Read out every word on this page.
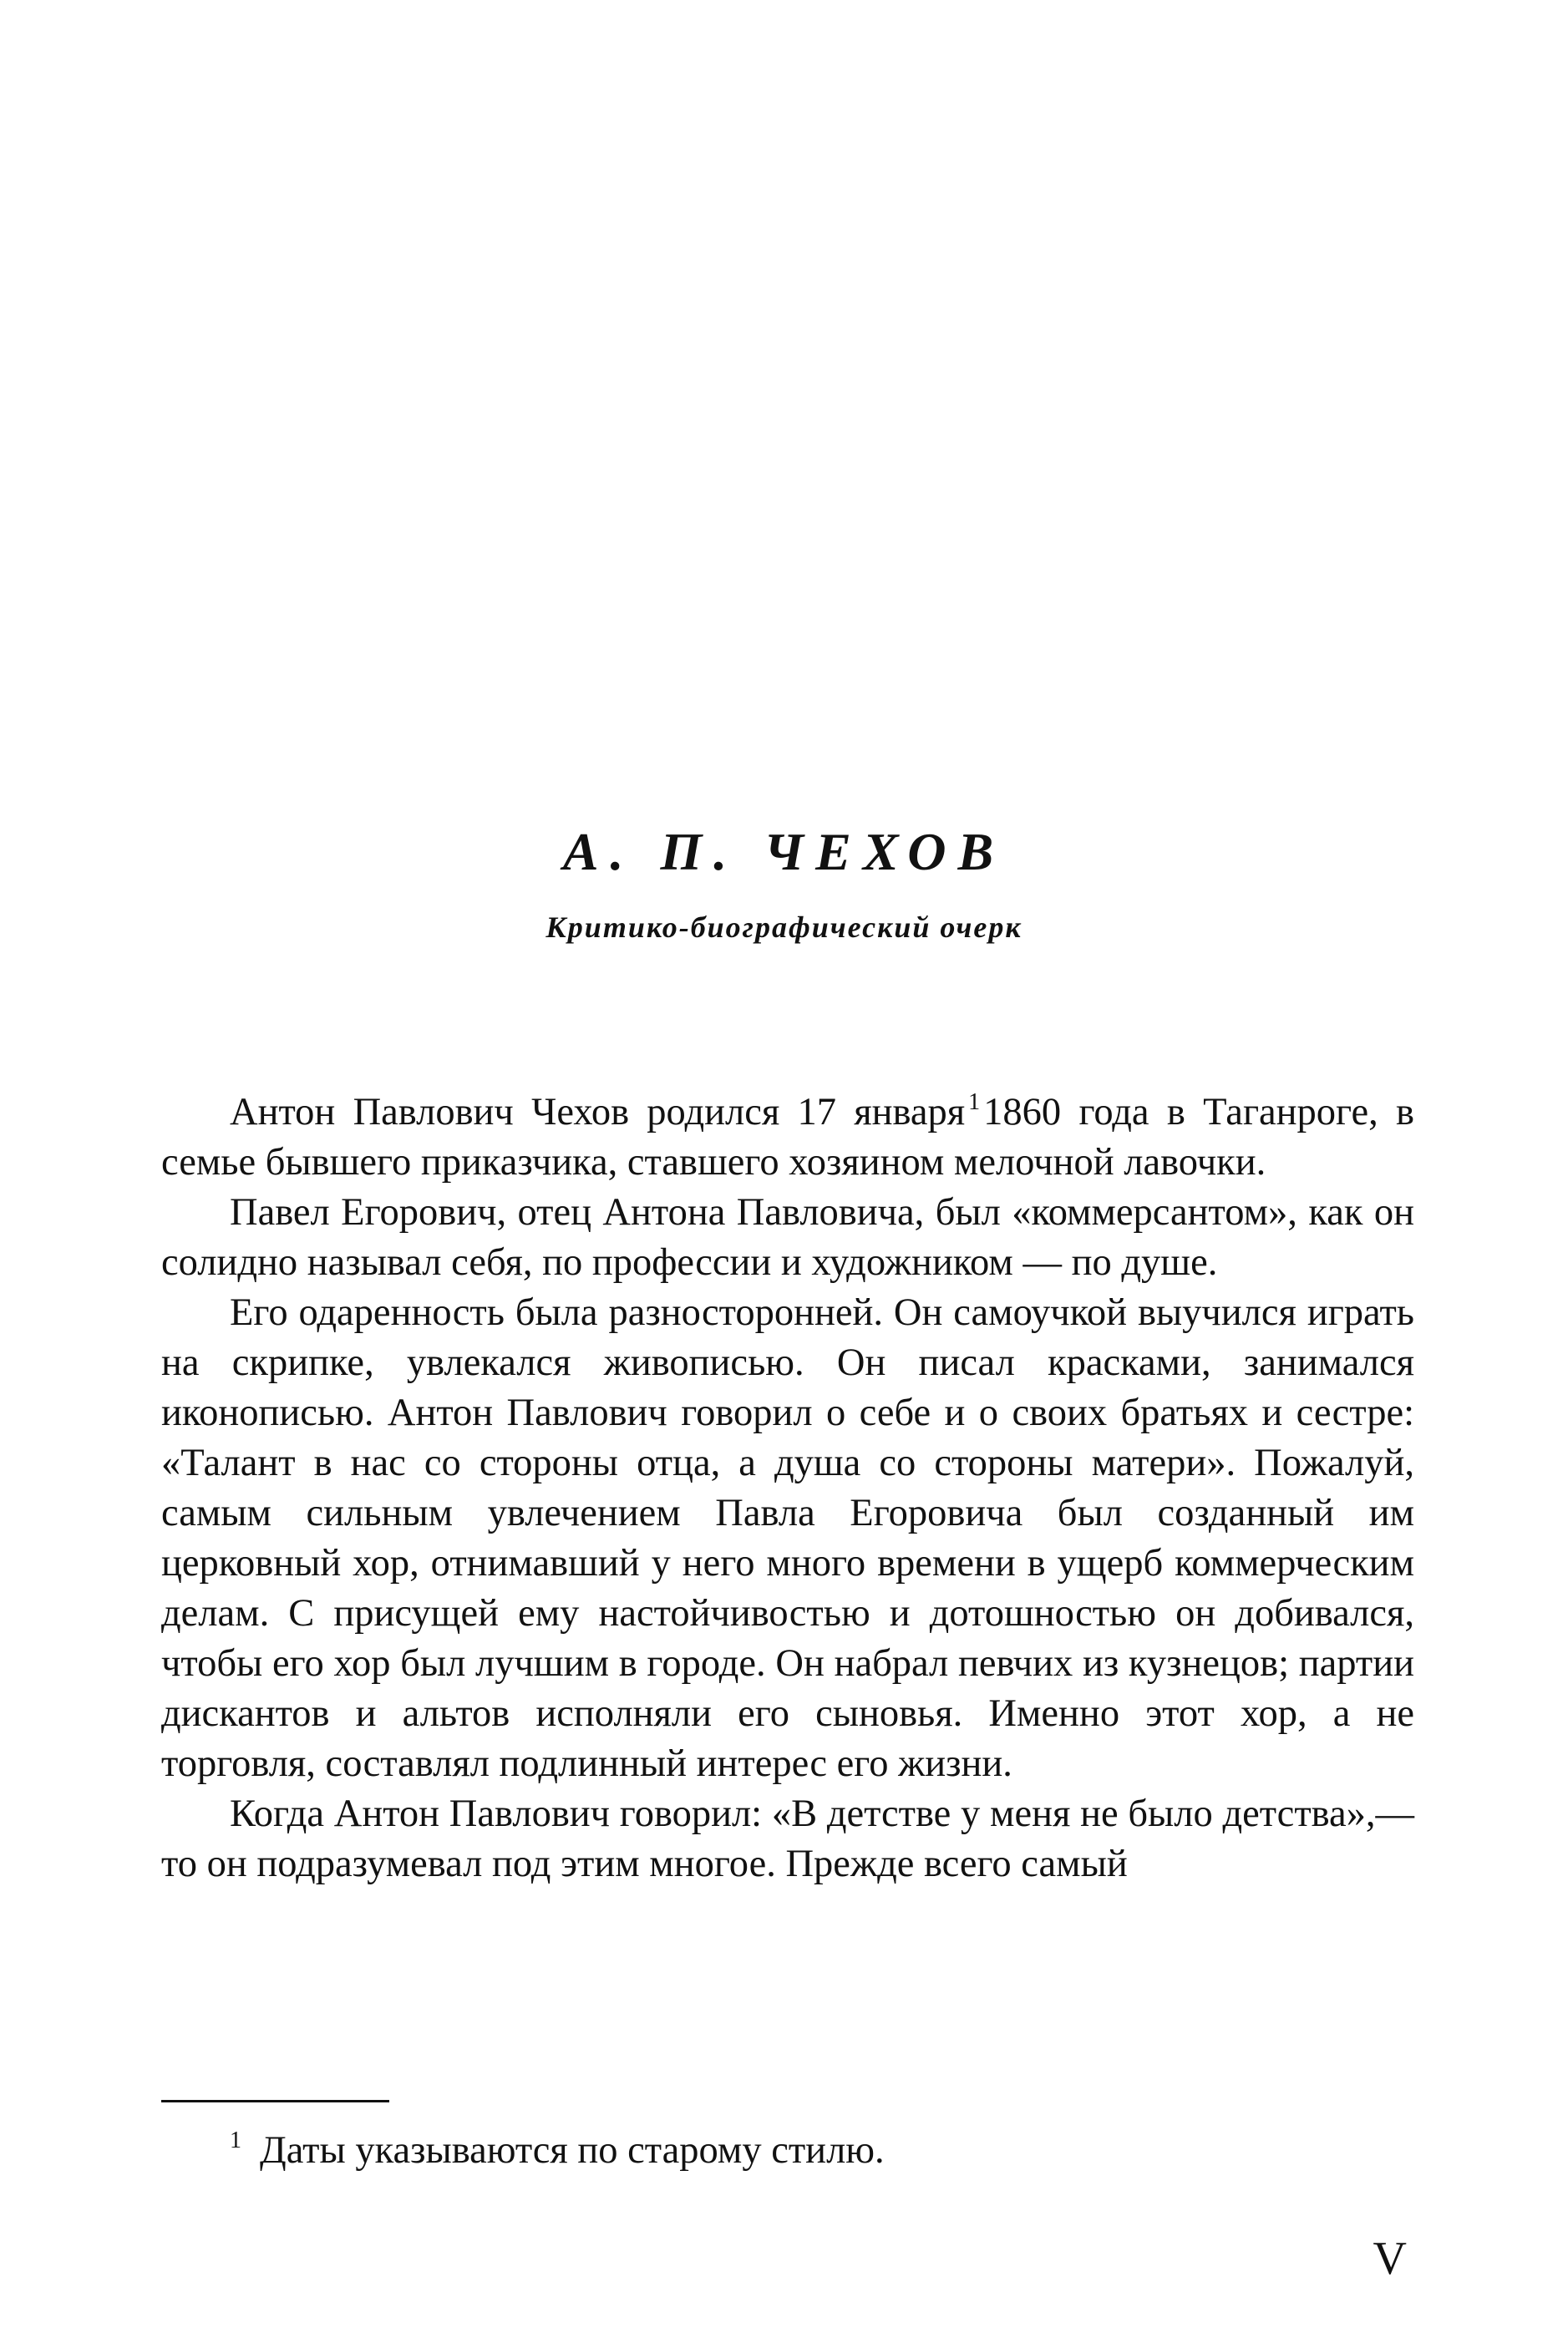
А. П. ЧЕХОВ
Критико-биографический очерк

Антон Павлович Чехов родился 17 января $^1$1860 года в Таганроге, в семье бывшего приказчика, ставшего хозяином мелочной лавочки.

Павел Егорович, отец Антона Павловича, был «коммерсантом», как он солидно называл себя, по профессии и художником — по душе.

Его одаренность была разносторонней. Он самоучкой выучился играть на скрипке, увлекался живописью. Он писал красками, занимался иконописью. Антон Павлович говорил о себе и о своих братьях и сестре: «Талант в нас со стороны отца, а душа со стороны матери». Пожалуй, самым сильным увлечением Павла Егоровича был созданный им церковный хор, отнимавший у него много времени в ущерб коммерческим делам. С присущей ему настойчивостью и дотошностью он добивался, чтобы его хор был лучшим в городе. Он набрал певчих из кузнецов; партии дискантов и альтов исполняли его сыновья. Именно этот хор, а не торговля, составлял подлинный интерес его жизни.

Когда Антон Павлович говорил: «В детстве у меня не было детства»,—то он подразумевал под этим многое. Прежде всего самый

$^1$ Даты указываются по старому стилю.
V
